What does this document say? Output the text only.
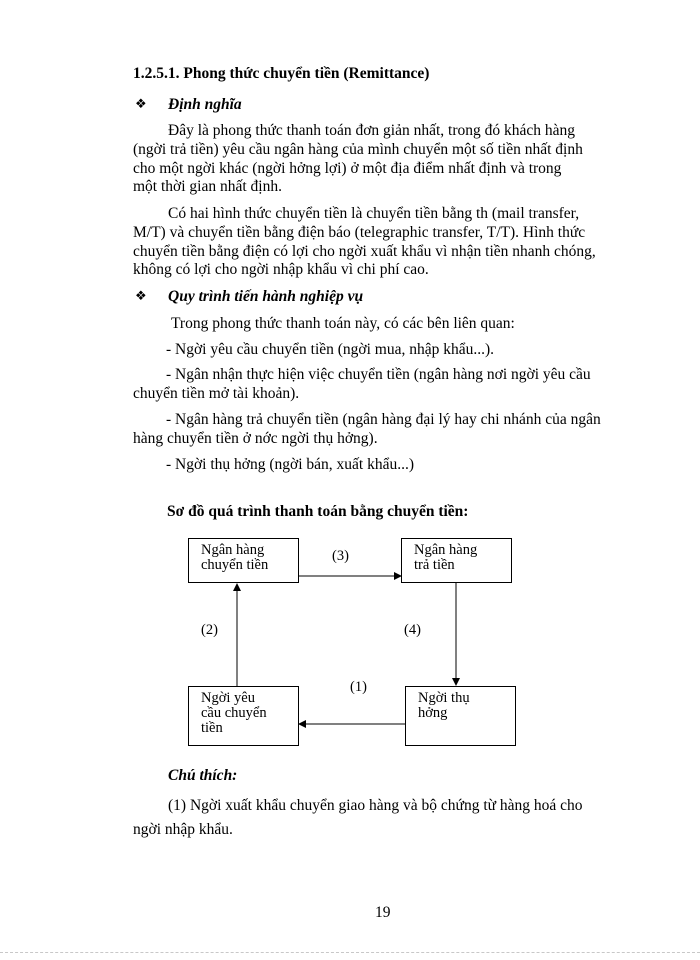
1.2.5.1. Phong thức chuyển tiền (Remittance)
❖ Định nghĩa
Đây là phong thức thanh toán đơn giản nhất, trong đó khách hàng
(ngời trả tiền) yêu cầu ngân hàng của mình chuyển một số tiền nhất định
cho một ngời khác (ngời hởng lợi) ở một địa điểm nhất định và trong
một thời gian nhất định.
Có hai hình thức chuyển tiền là chuyển tiền bằng th (mail transfer,
M/T) và chuyển tiền bằng điện báo (telegraphic transfer, T/T). Hình thức
chuyển tiền bằng điện có lợi cho ngời xuất khẩu vì nhận tiền nhanh chóng,
không có lợi cho ngời nhập khẩu vì chi phí cao.
❖ Quy trình tiến hành nghiệp vụ
Trong phong thức thanh toán này, có các bên liên quan:
- Ngời yêu cầu chuyển tiền (ngời mua, nhập khẩu...).
- Ngân nhận thực hiện việc chuyển tiền (ngân hàng nơi ngời yêu cầu
chuyển tiền mở tài khoản).
- Ngân hàng trả chuyển tiền (ngân hàng đại lý hay chi nhánh của ngân
hàng chuyển tiền ở nớc ngời thụ hởng).
- Ngời thụ hởng (ngời bán, xuất khẩu...)
Sơ đồ quá trình thanh toán bằng chuyển tiền:
Ngân hàng
chuyển tiền
Ngân hàng
trả tiền
Ngời yêu
cầu chuyển
tiền
Ngời thụ
hởng
(3)
(2)	(4)
(1)
Chú thích:
(1) Ngời xuất khẩu chuyển giao hàng và bộ chứng từ hàng hoá cho
ngời nhập khẩu.
19
